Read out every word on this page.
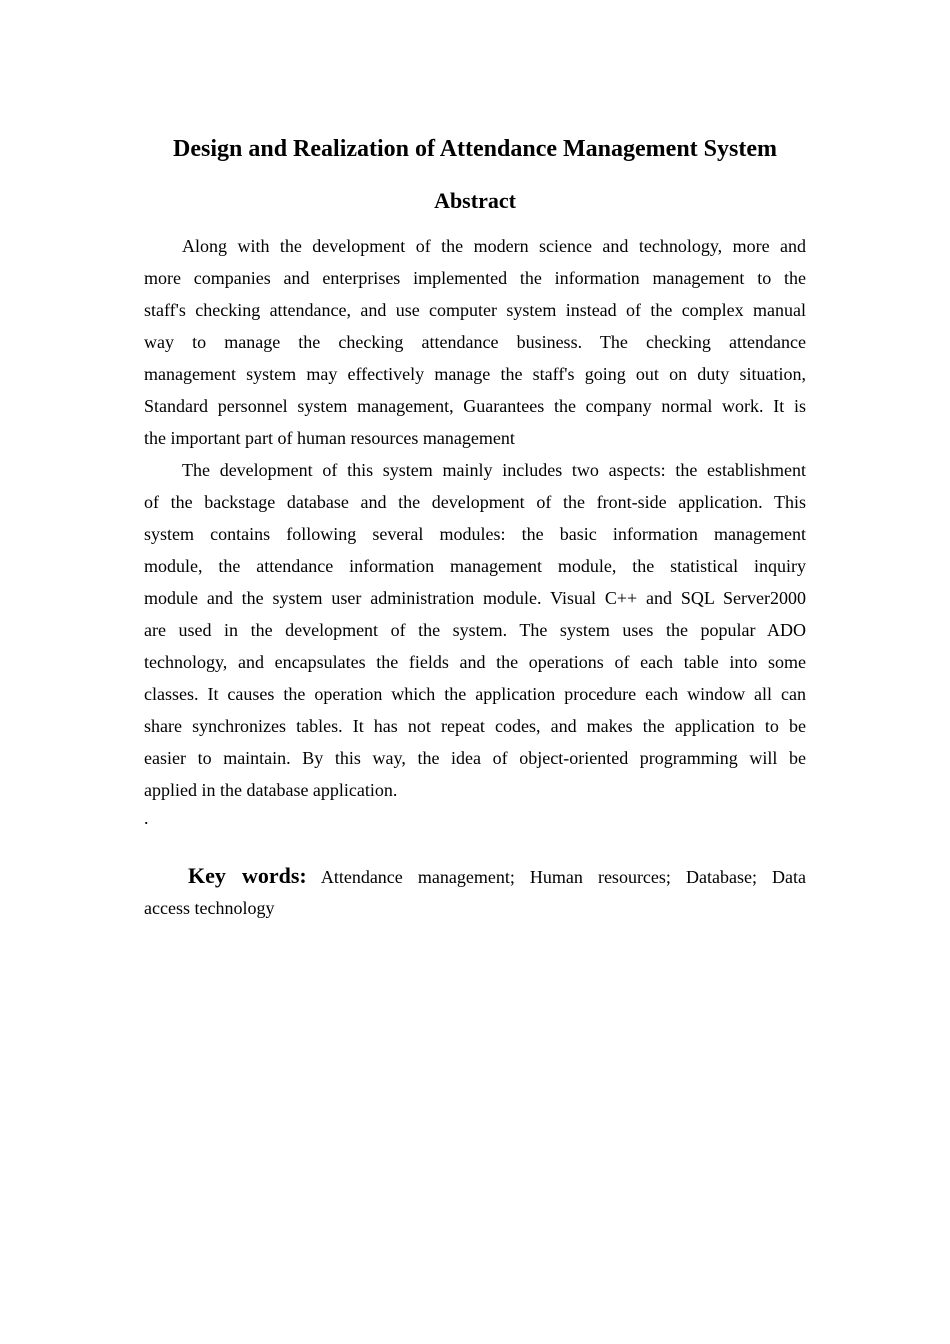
Design and Realization of Attendance Management System
Abstract
Along with the development of the modern science and technology, more and
more companies and enterprises implemented the information management to the
staff's checking attendance, and use computer system instead of the complex manual
way to manage the checking attendance business. The checking attendance
management system may effectively manage the staff's going out on duty situation,
Standard personnel system management, Guarantees the company normal work. It is
the important part of human resources management
The development of this system mainly includes two aspects: the establishment
of the backstage database and the development of the front-side application. This
system contains following several modules: the basic information management
module, the attendance information management module, the statistical inquiry
module and the system user administration module. Visual C++ and SQL Server2000
are used in the development of the system. The system uses the popular ADO
technology, and encapsulates the fields and the operations of each table into some
classes. It causes the operation which the application procedure each window all can
share synchronizes tables. It has not repeat codes, and makes the application to be
easier to maintain. By this way, the idea of object-oriented programming will be
applied in the database application.
.
Key words: Attendance management; Human resources; Database; Data
access technology
